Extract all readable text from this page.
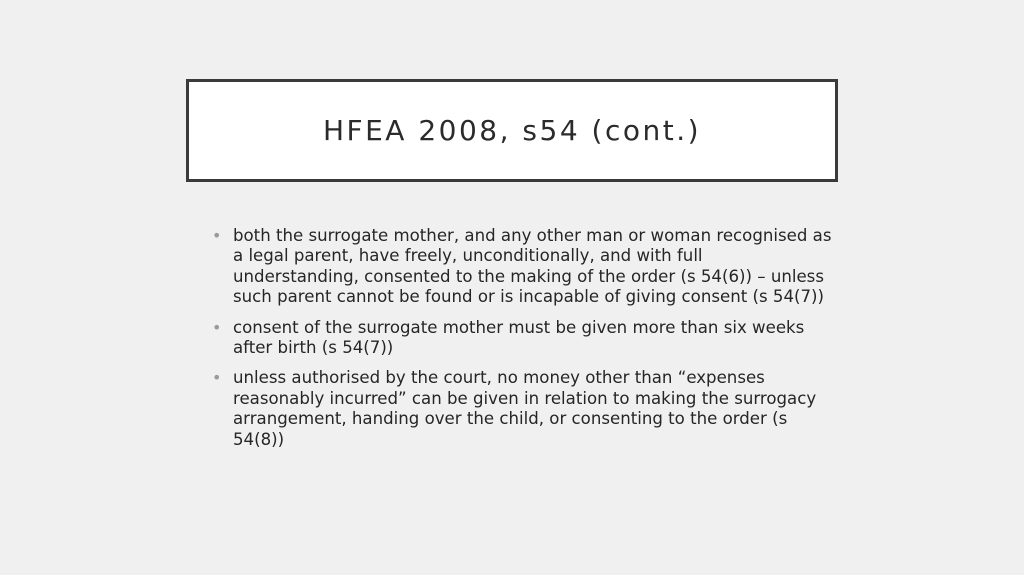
HFEA 2008, s54 (cont.)
• both the surrogate mother, and any other man or woman recognised as a legal parent, have freely, unconditionally, and with full understanding, consented to the making of the order (s 54(6)) – unless such parent cannot be found or is incapable of giving consent (s 54(7))
• consent of the surrogate mother must be given more than six weeks after birth (s 54(7))
• unless authorised by the court, no money other than “expenses reasonably incurred” can be given in relation to making the surrogacy arrangement, handing over the child, or consenting to the order (s 54(8))
